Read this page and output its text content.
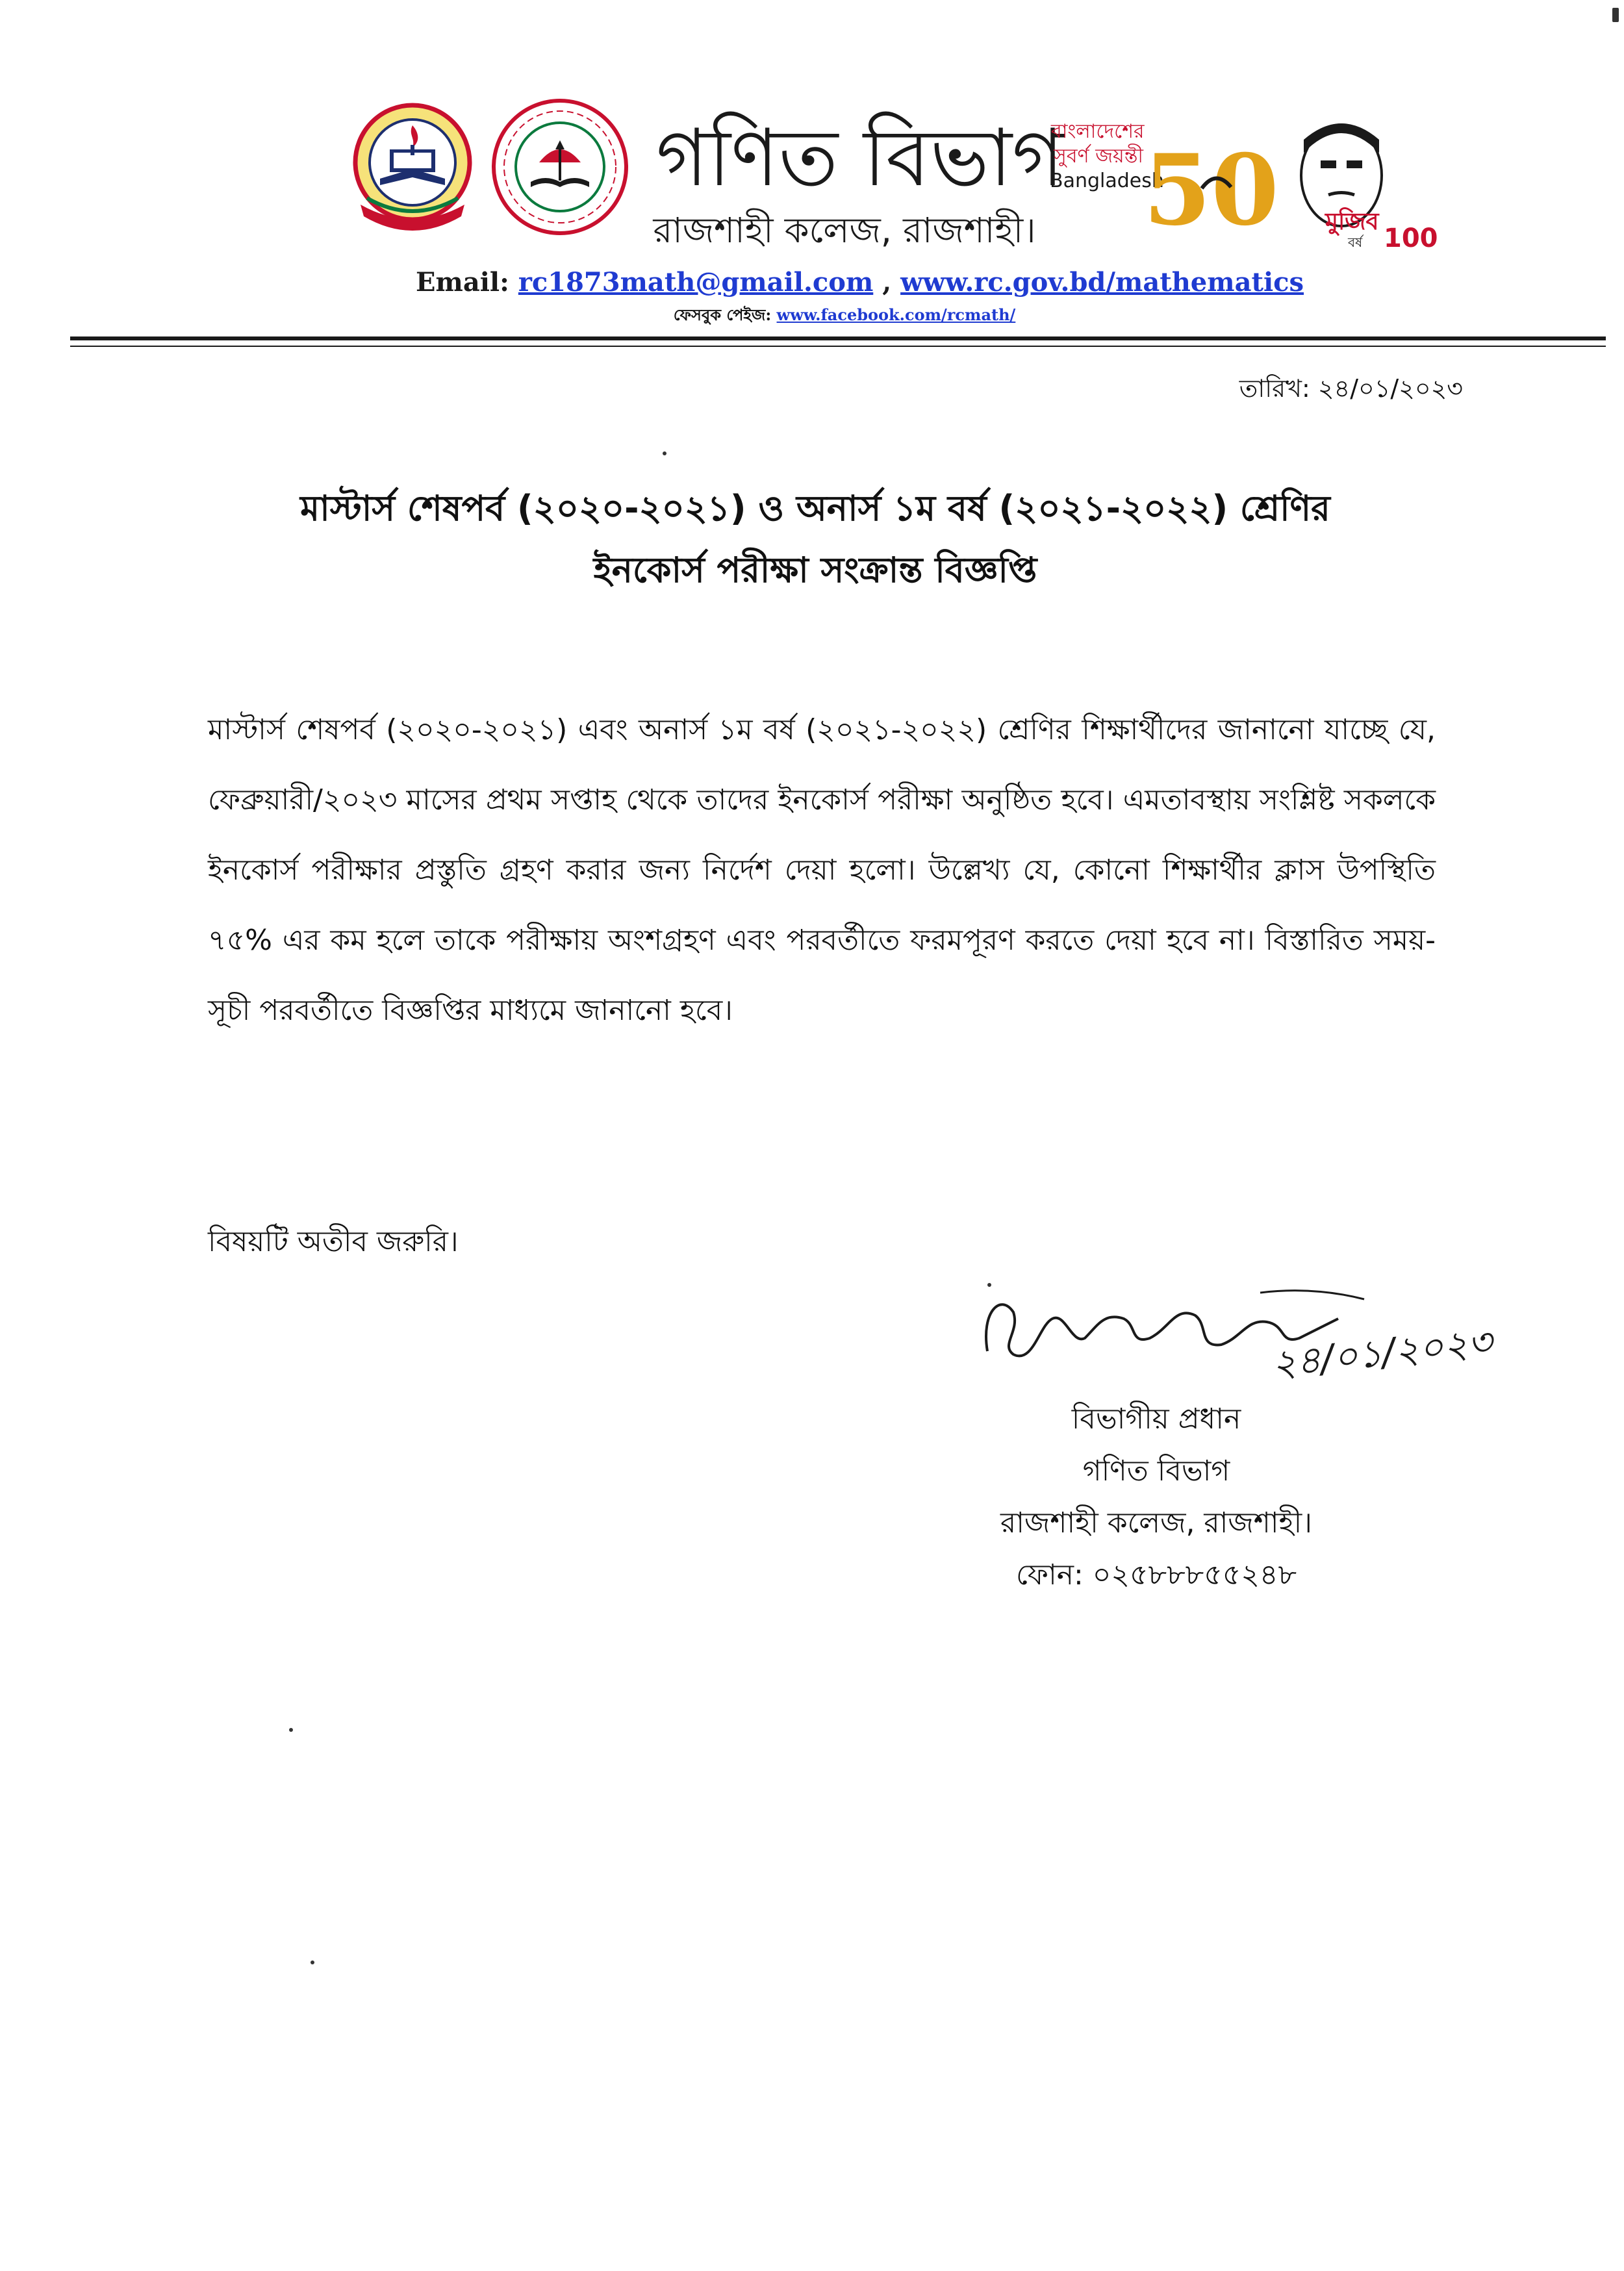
গণিত বিভাগ
বাংলাদেশের
সুবর্ণ জয়ন্তী
Bangladesh
50 মুজিব
বর্ষ 100
রাজশাহী কলেজ, রাজশাহী।
Email: rc1873math@gmail.com , www.rc.gov.bd/mathematics
ফেসবুক পেইজ: www.facebook.com/rcmath/
তারিখ: ২৪/০১/২০২৩
মাস্টার্স শেষপর্ব (২০২০-২০২১) ও অনার্স ১ম বর্ষ (২০২১-২০২২) শ্রেণির
ইনকোর্স পরীক্ষা সংক্রান্ত বিজ্ঞপ্তি

মাস্টার্স শেষপর্ব (২০২০-২০২১) এবং অনার্স ১ম বর্ষ (২০২১-২০২২) শ্রেণির শিক্ষার্থীদের জানানো যাচ্ছে যে, ফেব্রুয়ারী/২০২৩ মাসের প্রথম সপ্তাহ থেকে তাদের ইনকোর্স পরীক্ষা অনুষ্ঠিত হবে। এমতাবস্থায় সংশ্লিষ্ট সকলকে ইনকোর্স পরীক্ষার প্রস্তুতি গ্রহণ করার জন্য নির্দেশ দেয়া হলো। উল্লেখ্য যে, কোনো শিক্ষার্থীর ক্লাস উপস্থিতি ৭৫% এর কম হলে তাকে পরীক্ষায় অংশগ্রহণ এবং পরবর্তীতে ফরমপূরণ করতে দেয়া হবে না। বিস্তারিত সময়-সূচী পরবর্তীতে বিজ্ঞপ্তির মাধ্যমে জানানো হবে।

বিষয়টি অতীব জরুরি।
২৪/০১/২০২৩
বিভাগীয় প্রধান
গণিত বিভাগ
রাজশাহী কলেজ, রাজশাহী।
ফোন: ০২৫৮৮৮৫৫২৪৮
